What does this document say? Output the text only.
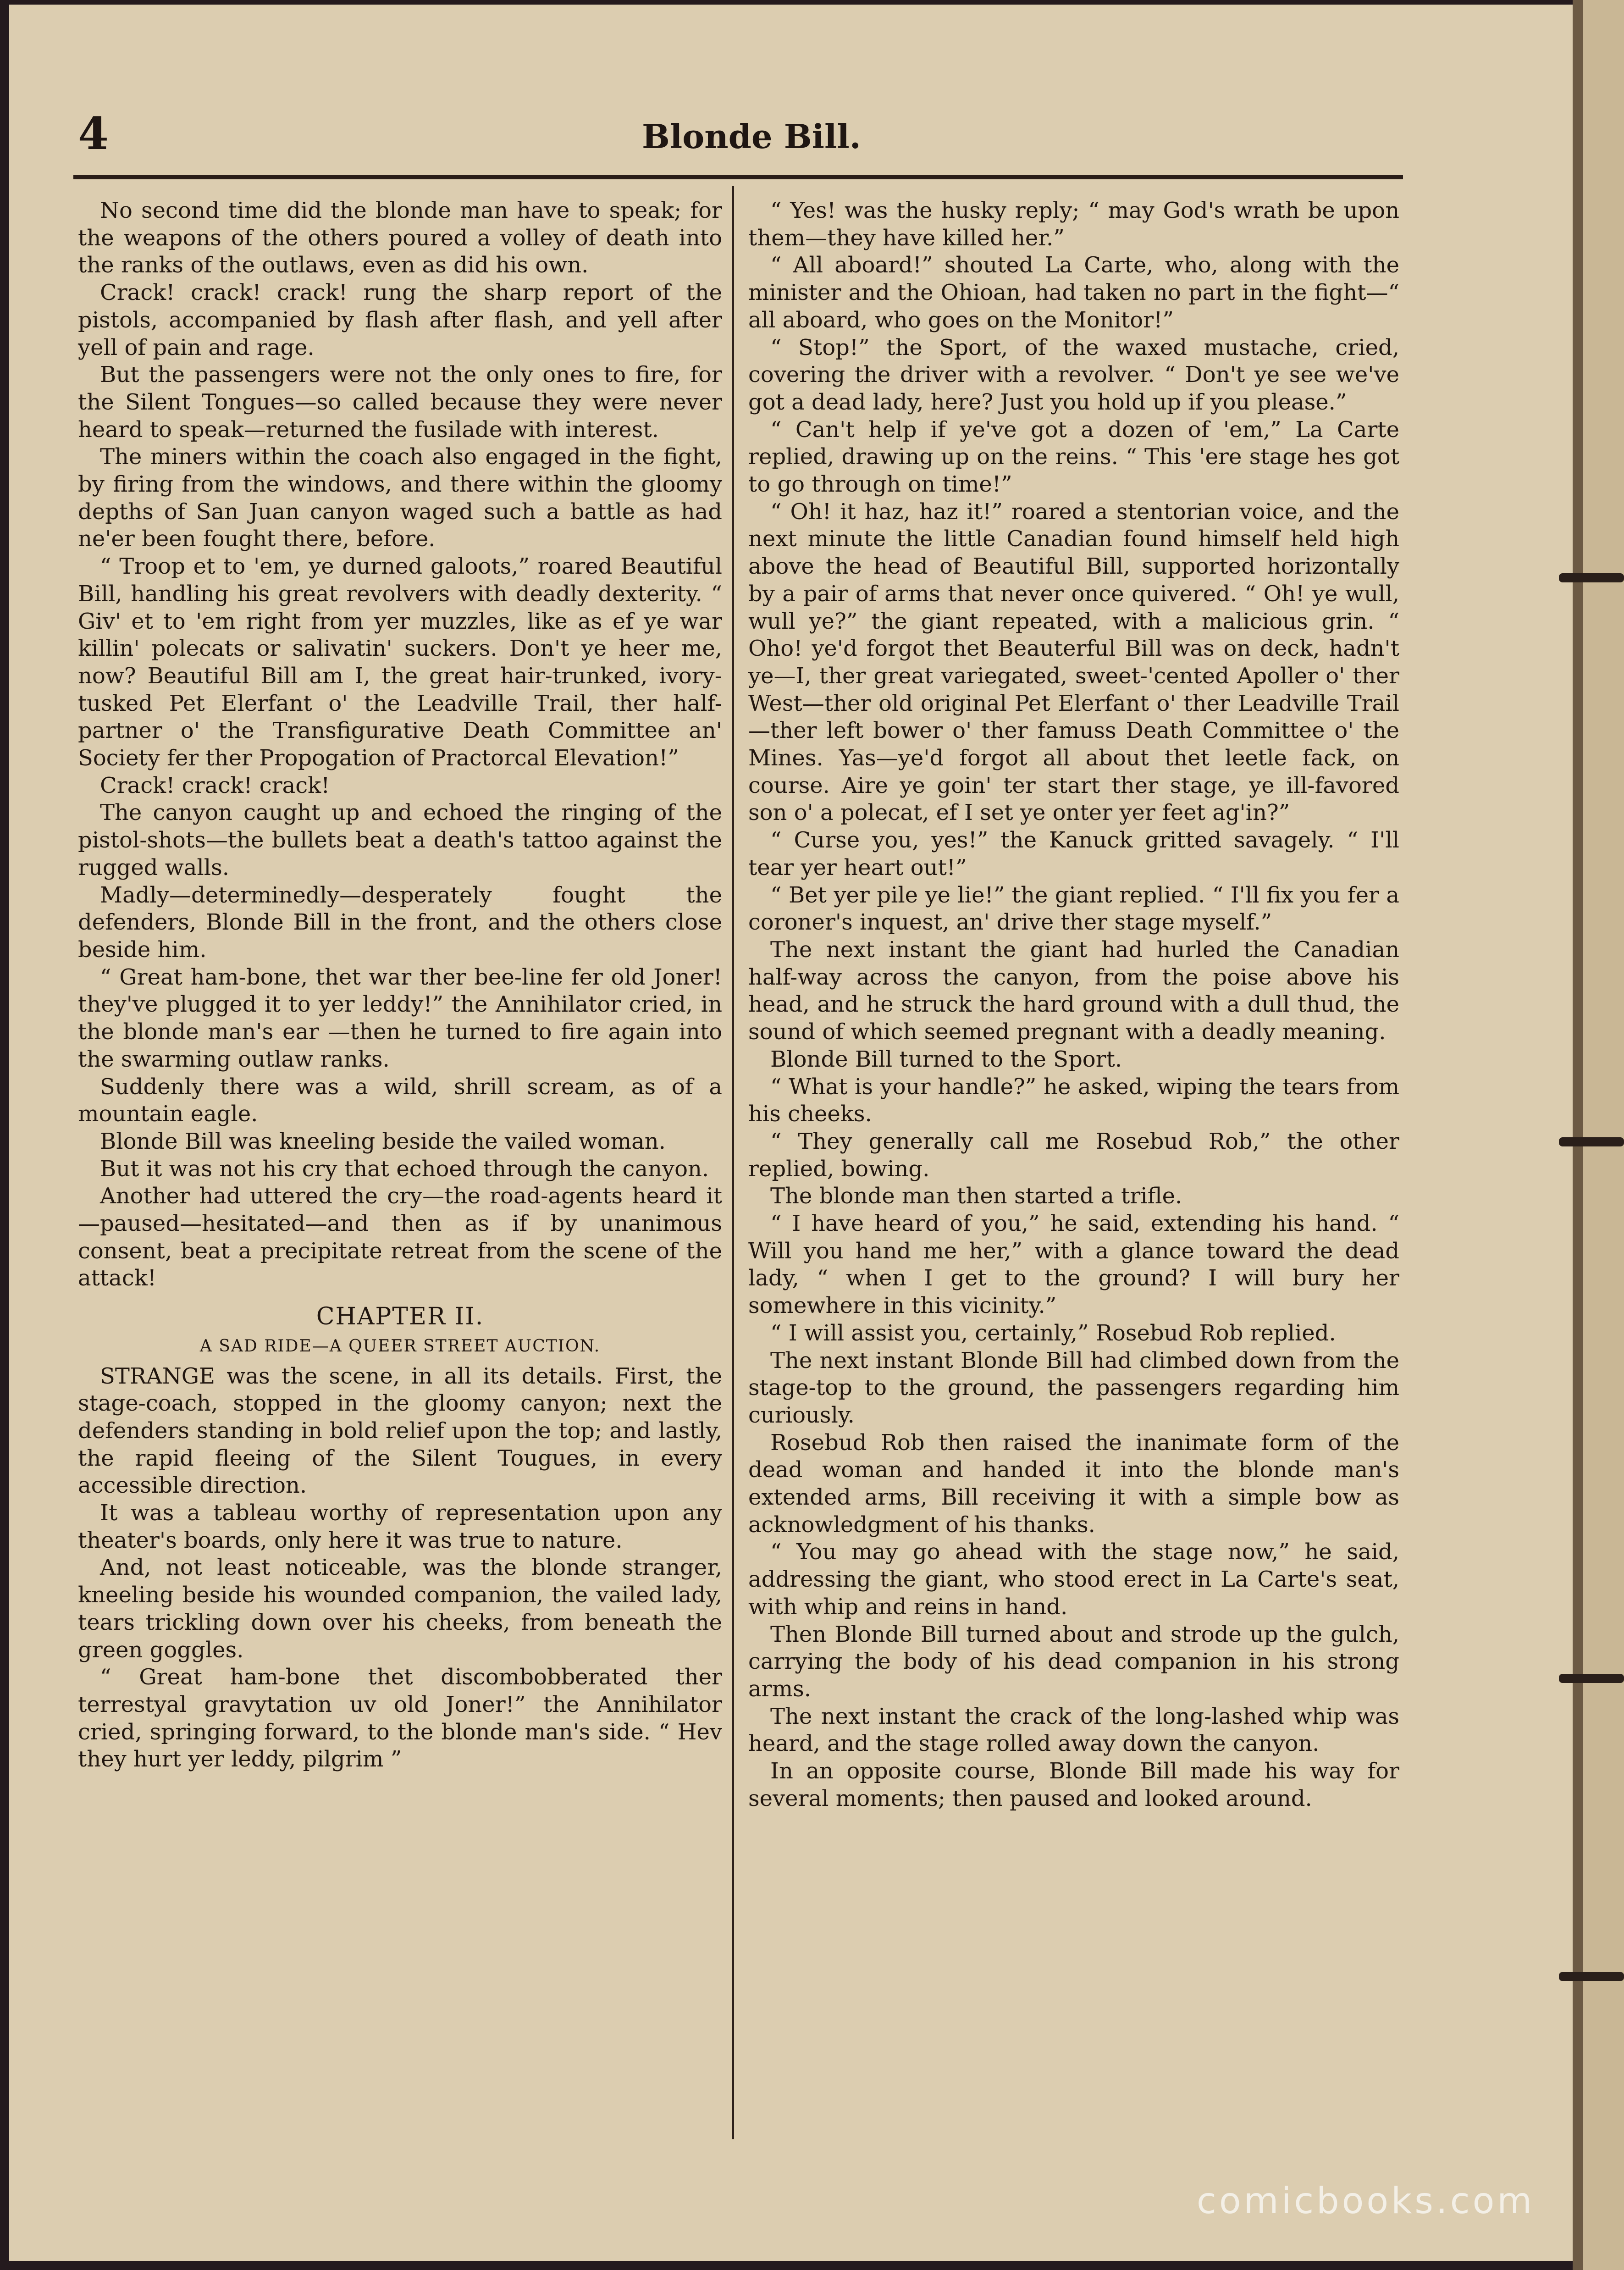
4	Blonde Bill.

No second time did the blonde man have to speak; for the weapons of the others poured a volley of death into the ranks of the outlaws, even as did his own.

Crack! crack! crack! rung the sharp report of the pistols, accompanied by flash after flash, and yell after yell of pain and rage.

But the passengers were not the only ones to fire, for the Silent Tongues—so called because they were never heard to speak—returned the fusilade with interest.

The miners within the coach also engaged in the fight, by firing from the windows, and there within the gloomy depths of San Juan canyon waged such a battle as had ne'er been fought there, before.

“ Troop et to 'em, ye durned galoots,” roared Beautiful Bill, handling his great revolvers with deadly dexterity. “ Giv' et to 'em right from yer muzzles, like as ef ye war killin' polecats or salivatin' suckers. Don't ye heer me, now? Beautiful Bill am I, the great hair-trunked, ivory-tusked Pet Elerfant o' the Leadville Trail, ther half-partner o' the Transfigurative Death Committee an' Society fer ther Propogation of Practorcal Elevation!”

Crack! crack! crack!

The canyon caught up and echoed the ringing of the pistol-shots—the bullets beat a death's tattoo against the rugged walls.

Madly—determinedly—desperately fought the defenders, Blonde Bill in the front, and the others close beside him.

“ Great ham-bone, thet war ther bee-line fer old Joner! they've plugged it to yer leddy!” the Annihilator cried, in the blonde man's ear —then he turned to fire again into the swarming outlaw ranks.

Suddenly there was a wild, shrill scream, as of a mountain eagle.

Blonde Bill was kneeling beside the vailed woman.

But it was not his cry that echoed through the canyon.

Another had uttered the cry—the road-agents heard it—paused—hesitated—and then as if by unanimous consent, beat a precipitate retreat from the scene of the attack!

CHAPTER II.
A SAD RIDE—A QUEER STREET AUCTION.

STRANGE was the scene, in all its details. First, the stage-coach, stopped in the gloomy canyon; next the defenders standing in bold relief upon the top; and lastly, the rapid fleeing of the Silent Tougues, in every accessible direction.

It was a tableau worthy of representation upon any theater's boards, only here it was true to nature.

And, not least noticeable, was the blonde stranger, kneeling beside his wounded companion, the vailed lady, tears trickling down over his cheeks, from beneath the green goggles.

“ Great ham-bone thet discombobberated ther terrestyal gravytation uv old Joner!” the Annihilator cried, springing forward, to the blonde man's side. “ Hev they hurt yer leddy, pilgrim ”

“ Yes! was the husky reply; “ may God's wrath be upon them—they have killed her.”

“ All aboard!” shouted La Carte, who, along with the minister and the Ohioan, had taken no part in the fight—“ all aboard, who goes on the Monitor!”

“ Stop!” the Sport, of the waxed mustache, cried, covering the driver with a revolver. “ Don't ye see we've got a dead lady, here? Just you hold up if you please.”

“ Can't help if ye've got a dozen of 'em,” La Carte replied, drawing up on the reins. “ This 'ere stage hes got to go through on time!”

“ Oh! it haz, haz it!” roared a stentorian voice, and the next minute the little Canadian found himself held high above the head of Beautiful Bill, supported horizontally by a pair of arms that never once quivered. “ Oh! ye wull, wull ye?” the giant repeated, with a malicious grin. “ Oho! ye'd forgot thet Beauterful Bill was on deck, hadn't ye—I, ther great variegated, sweet-'cented Apoller o' ther West—ther old original Pet Elerfant o' ther Leadville Trail —ther left bower o' ther famuss Death Committee o' the Mines. Yas—ye'd forgot all about thet leetle fack, on course. Aire ye goin' ter start ther stage, ye ill-favored son o' a polecat, ef I set ye onter yer feet ag'in?”

“ Curse you, yes!” the Kanuck gritted savagely. “ I'll tear yer heart out!”

“ Bet yer pile ye lie!” the giant replied. “ I'll fix you fer a coroner's inquest, an' drive ther stage myself.”

The next instant the giant had hurled the Canadian half-way across the canyon, from the poise above his head, and he struck the hard ground with a dull thud, the sound of which seemed pregnant with a deadly meaning.

Blonde Bill turned to the Sport.

“ What is your handle?” he asked, wiping the tears from his cheeks.

“ They generally call me Rosebud Rob,” the other replied, bowing.

The blonde man then started a trifle.

“ I have heard of you,” he said, extending his hand. “ Will you hand me her,” with a glance toward the dead lady, “ when I get to the ground? I will bury her somewhere in this vicinity.”

“ I will assist you, certainly,” Rosebud Rob replied.

The next instant Blonde Bill had climbed down from the stage-top to the ground, the passengers regarding him curiously.

Rosebud Rob then raised the inanimate form of the dead woman and handed it into the blonde man's extended arms, Bill receiving it with a simple bow as acknowledgment of his thanks.

“ You may go ahead with the stage now,” he said, addressing the giant, who stood erect in La Carte's seat, with whip and reins in hand.

Then Blonde Bill turned about and strode up the gulch, carrying the body of his dead companion in his strong arms.

The next instant the crack of the long-lashed whip was heard, and the stage rolled away down the canyon.

In an opposite course, Blonde Bill made his way for several moments; then paused and looked around.

comicbooks.com
